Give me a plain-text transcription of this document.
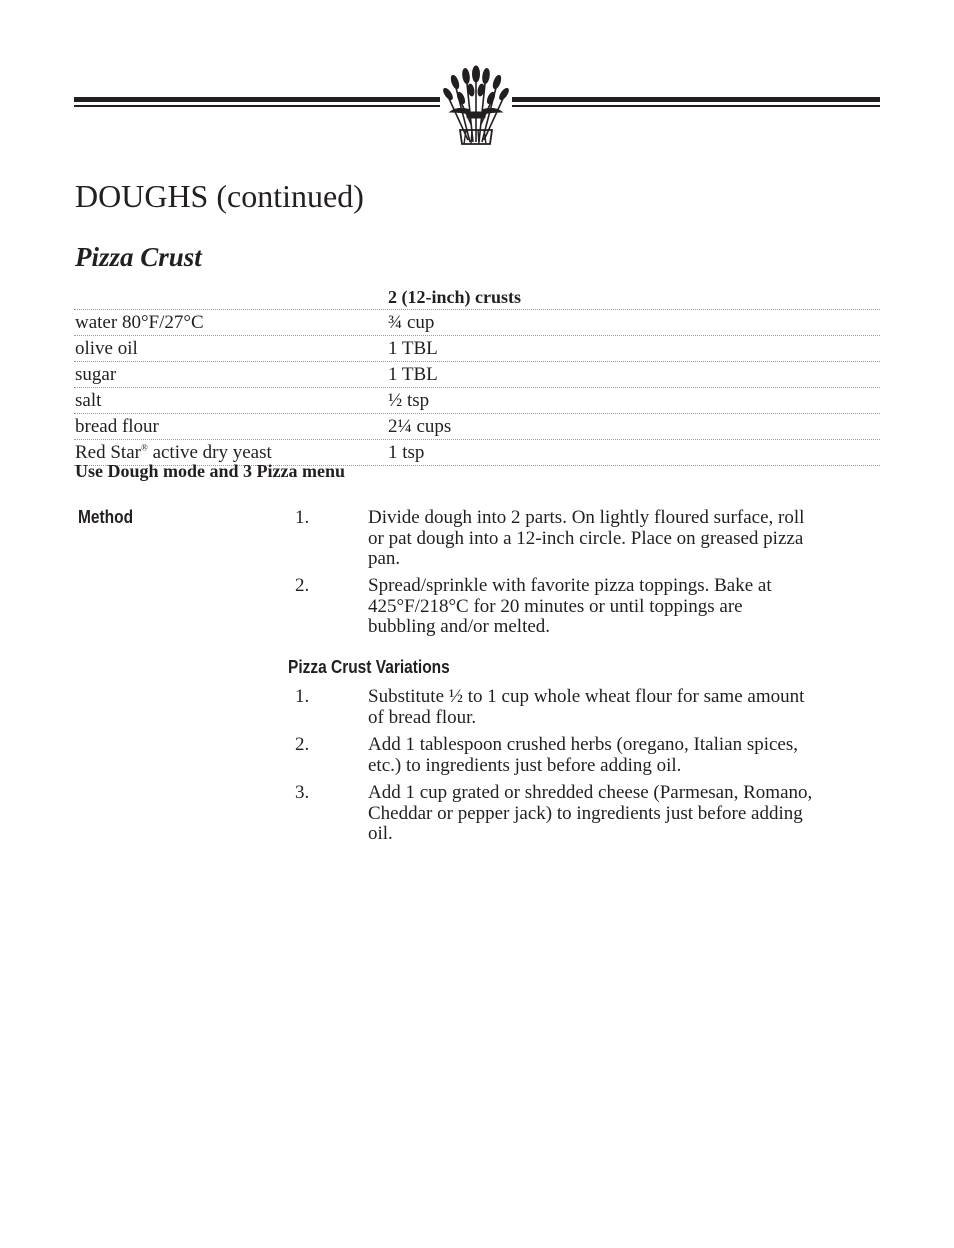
DOUGHS (continued)
Pizza Crust
2 (12-inch) crusts
water 80°F/27°C	¾ cup
olive oil	1 TBL
sugar	1 TBL
salt	½ tsp
bread flour	2¼ cups
Red Star® active dry yeast	1 tsp
Use Dough mode and 3 Pizza menu
Method	1.	Divide dough into 2 parts. On lightly floured surface, roll or pat dough into a 12-inch circle. Place on greased pizza pan.
2.	Spread/sprinkle with favorite pizza toppings. Bake at 425°F/218°C for 20 minutes or until toppings are bubbling and/or melted.
Pizza Crust Variations
1.	Substitute ½ to 1 cup whole wheat flour for same amount of bread flour.
2.	Add 1 tablespoon crushed herbs (oregano, Italian spices, etc.) to ingredients just before adding oil.
3.	Add 1 cup grated or shredded cheese (Parmesan, Romano, Cheddar or pepper jack) to ingredients just before adding oil.
